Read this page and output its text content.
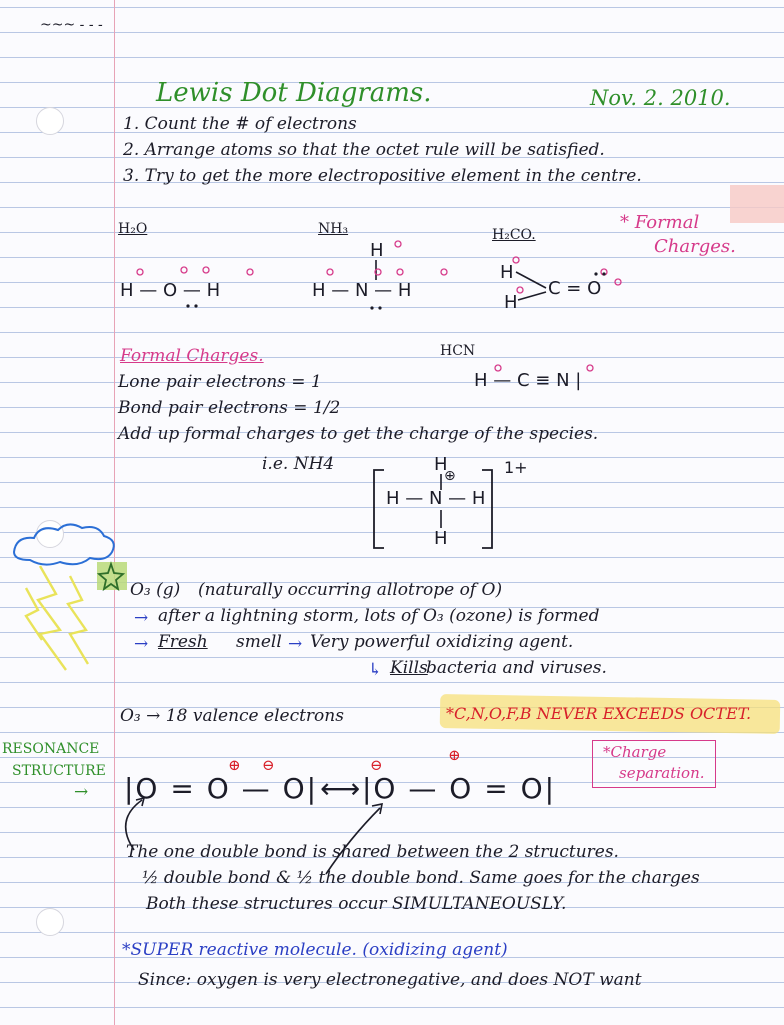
~~~ - - -
Lewis Dot Diagrams.	Nov. 2. 2010.
1. Count the # of electrons
2. Arrange atoms so that the octet rule will be satisfied.
3. Try to get the more electropositive element in the centre.
H₂O
H — O — H
NH₃
H
H — N — H
H₂CO.
H
H
C = O
* Formal
Charges.
Formal Charges.
Lone pair electrons = 1
Bond pair electrons = 1/2
Add up formal charges to get the charge of the species.
i.e. NH4
HCN
H — C ≡ N |
H
⊕
H — N — H
H
1+
O₃ (g) (naturally occurring allotrope of O)
→ after a lightning storm, lots of O₃ (ozone) is formed
→ Fresh smell → Very powerful oxidizing agent.
↳ Kills
bacteria and viruses.
O₃ → 18 valence electrons	*C,N,O,F,B NEVER EXCEEDS OCTET.
RESONANCE
STRUCTURE
→ |O = O — O| ⟷ |O — O = O|
⊕ ⊖	⊖
⊕	*Charge
separation.
The one double bond is shared between the 2 structures.
½ double bond & ½ the double bond. Same goes for the charges
Both these structures occur SIMULTANEOUSLY.
*SUPER reactive molecule. (oxidizing agent)
Since: oxygen is very electronegative, and does NOT want
